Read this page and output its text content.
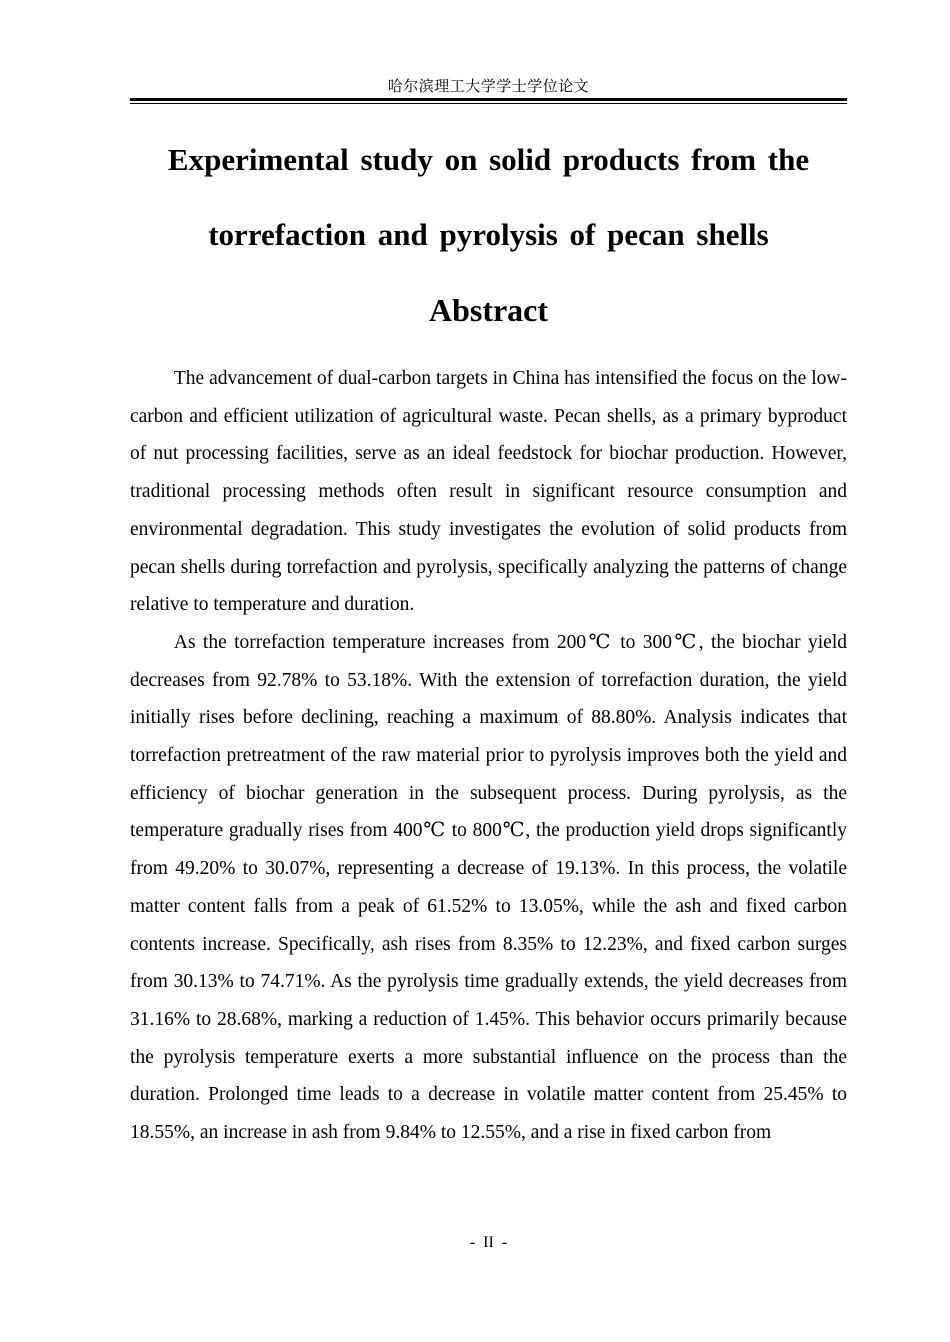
哈尔滨理工大学学士学位论文
Experimental study on solid products from the
torrefaction and pyrolysis of pecan shells
Abstract

The advancement of dual-carbon targets in China has intensified the focus on the low-carbon and efficient utilization of agricultural waste. Pecan shells, as a primary byproduct of nut processing facilities, serve as an ideal feedstock for biochar production. However, traditional processing methods often result in significant resource consumption and environmental degradation. This study investigates the evolution of solid products from pecan shells during torrefaction and pyrolysis, specifically analyzing the patterns of change relative to temperature and duration.

As the torrefaction temperature increases from 200℃ to 300℃, the biochar yield decreases from 92.78% to 53.18%. With the extension of torrefaction duration, the yield initially rises before declining, reaching a maximum of 88.80%. Analysis indicates that torrefaction pretreatment of the raw material prior to pyrolysis improves both the yield and efficiency of biochar generation in the subsequent process. During pyrolysis, as the temperature gradually rises from 400℃ to 800℃, the production yield drops significantly from 49.20% to 30.07%, representing a decrease of 19.13%. In this process, the volatile matter content falls from a peak of 61.52% to 13.05%, while the ash and fixed carbon contents increase. Specifically, ash rises from 8.35% to 12.23%, and fixed carbon surges from 30.13% to 74.71%. As the pyrolysis time gradually extends, the yield decreases from 31.16% to 28.68%, marking a reduction of 1.45%. This behavior occurs primarily because the pyrolysis temperature exerts a more substantial influence on the process than the duration. Prolonged time leads to a decrease in volatile matter content from 25.45% to 18.55%, an increase in ash from 9.84% to 12.55%, and a rise in fixed carbon from

- II -
